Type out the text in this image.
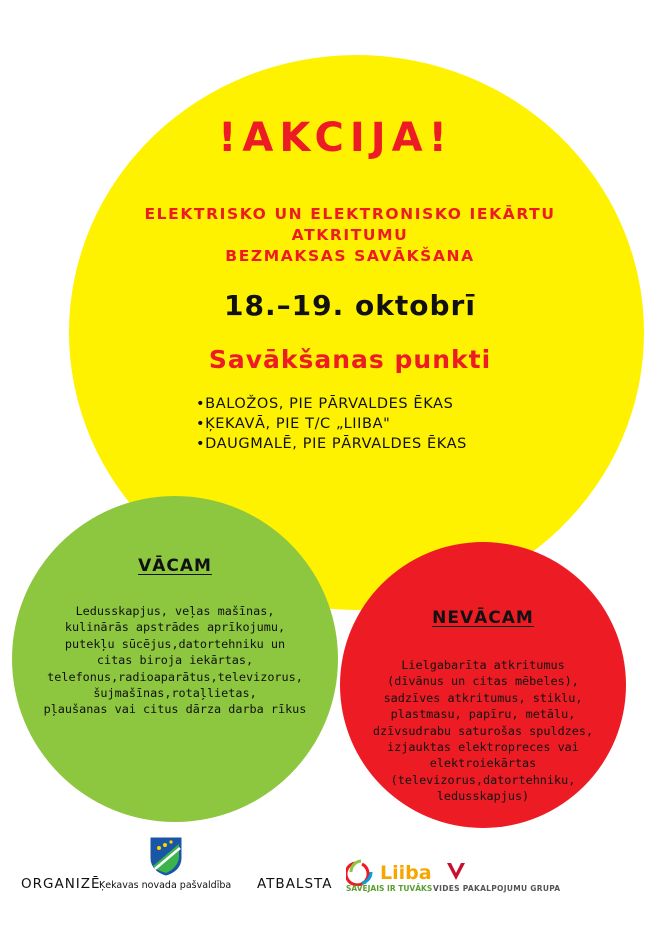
!AKCIJA!
ELEKTRISKO UN ELEKTRONISKO IEKĀRTU
ATKRITUMU
BEZMAKSAS SAVĀKŠANA
18.–19. oktobrī
Savākšanas punkti
•BALOŽOS, PIE PĀRVALDES ĒKAS
•ĶEKAVĀ, PIE T/C „LIIBA"
•DAUGMALĒ, PIE PĀRVALDES ĒKAS
VĀCAM
Ledusskapjus, veļas mašīnas,
kulinārās apstrādes aprīkojumu,
putekļu sūcējus,datortehniku un
citas biroja iekārtas,
telefonus,radioaparātus,televizorus,
šujmašīnas,rotaļlietas,
pļaušanas vai citus dārza darba rīkus
NEVĀCAM
Lielgabarīta atkritumus
(dīvānus un citas mēbeles),
sadzīves atkritumus, stiklu,
plastmasu, papīru, metālu,
dzīvsudrabu saturošas spuldzes,
izjauktas elektropreces vai
elektroiekārtas
(televizorus,datortehniku,
ledusskapjus)
ORGANIZĒ
Ķekavas novada pašvaldība ATBALSTA	Liiba
SAVĒJAIS IR TUVĀKS VIDES PAKALPOJUMU GRUPA
